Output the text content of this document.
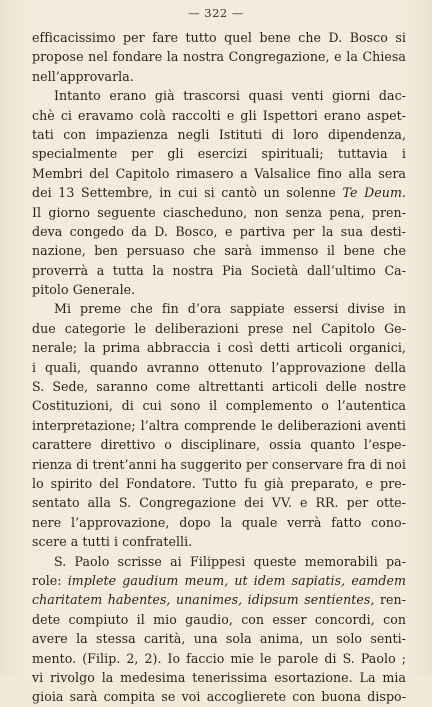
— 322 —
efficacissimo per fare tutto quel bene che D. Bosco si
propose nel fondare la nostra Congregazione, e la Chiesa
nell’approvarla.
Intanto erano già trascorsi quasi venti giorni dac-
chè ci eravamo colà raccolti e gli Ispettori erano aspet-
tati con impazienza negli Istituti di loro dipendenza,
specialmente per gli esercizi spirituali; tuttavia i
Membri del Capitolo rimasero a Valsalice fino alla sera
dei 13 Settembre, in cui si cantò un solenne Te Deum.
Il giorno seguente ciascheduno, non senza pena, pren-
deva congedo da D. Bosco, e partiva per la sua desti-
nazione, ben persuaso che sarà immenso il bene che
proverrà a tutta la nostra Pia Società dall’ultimo Ca-
pitolo Generale.
Mi preme che fin d’ora sappiate essersi divise in
due categorie le deliberazioni prese nel Capitolo Ge-
nerale; la prima abbraccia i così detti articoli organici,
i quali, quando avranno ottenuto l’approvazione della
S. Sede, saranno come altrettanti articoli delle nostre
Costituzioni, di cui sono il complemento o l’autentica
interpretazione; l’altra comprende le deliberazioni aventi
carattere direttivo o disciplinare, ossia quanto l’espe-
rienza di trent’anni ha suggerito per conservare fra di noi
lo spirito del Fondatore. Tutto fu già preparato, e pre-
sentato alla S. Congregazione dei VV. e RR. per otte-
nere l’approvazione, dopo la quale verrà fatto cono-
scere a tutti i confratelli.
S. Paolo scrisse ai Filippesi queste memorabili pa-
role: implete gaudium meum, ut idem sapiatis, eamdem
charitatem habentes, unanimes, idipsum sentientes, ren-
dete compiuto il mio gaudio, con esser concordi, con
avere la stessa carità, una sola anima, un solo senti-
mento. (Filip. 2, 2). Io faccio mie le parole di S. Paolo ;
vi rivolgo la medesima tenerissima esortazione. La mia
gioia sarà compita se voi accoglierete con buona dispo-
